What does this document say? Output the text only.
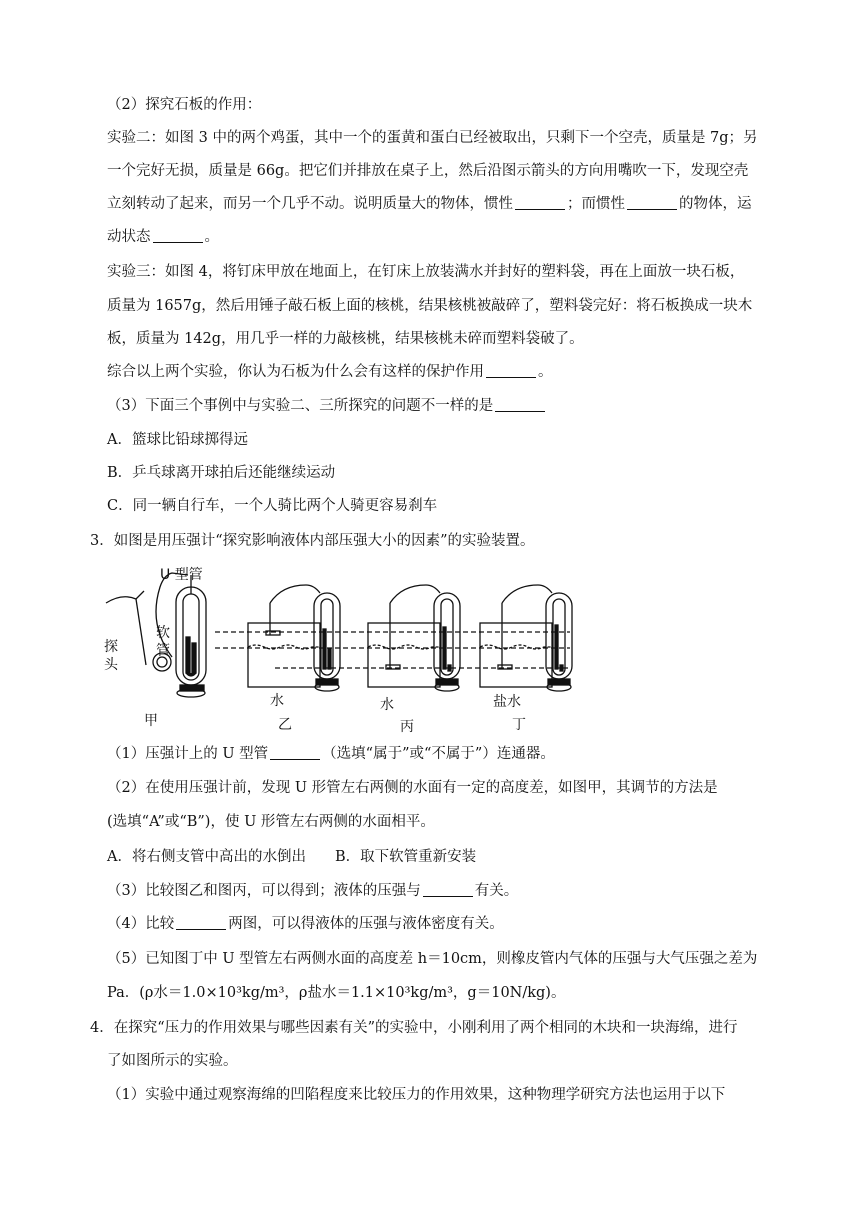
（2）探究石板的作用：
实验二：如图 3 中的两个鸡蛋，其中一个的蛋黄和蛋白已经被取出，只剩下一个空壳，质量是 7g；另
一个完好无损，质量是 66g。把它们并排放在桌子上，然后沿图示箭头的方向用嘴吹一下，发现空壳
立刻转动了起来，而另一个几乎不动。说明质量大的物体，惯性	；而惯性	的物体，运
动状态	。
实验三：如图 4，将钉床甲放在地面上，在钉床上放装满水并封好的塑料袋，再在上面放一块石板，
质量为 1657g，然后用锤子敲石板上面的核桃，结果核桃被敲碎了，塑料袋完好：将石板换成一块木
板，质量为 142g，用几乎一样的力敲核桃，结果核桃未碎而塑料袋破了。
综合以上两个实验，你认为石板为什么会有这样的保护作用	。
（3）下面三个事例中与实验二、三所探究的问题不一样的是
A．篮球比铅球掷得远
B．乒乓球离开球拍后还能继续运动
C．同一辆自行车，一个人骑比两个人骑更容易刹车
3．如图是用压强计“探究影响液体内部压强大小的因素”的实验装置。
U 型管
软管
探头
甲
水
乙
水
丙
盐水
丁
（1）压强计上的 U 型管	（选填“属于”或“不属于”）连通器。
（2）在使用压强计前，发现 U 形管左右两侧的水面有一定的高度差，如图甲，其调节的方法是
(选填“A”或“B”)，使 U 形管左右两侧的水面相平。
A．将右侧支管中高出的水倒出　　B．取下软管重新安装
（3）比较图乙和图丙，可以得到；液体的压强与	有关。
（4）比较	两图，可以得液体的压强与液体密度有关。
（5）已知图丁中 U 型管左右两侧水面的高度差 h＝10cm，则橡皮管内气体的压强与大气压强之差为
Pa．(ρ水＝1.0×10³kg/m³，ρ盐水＝1.1×10³kg/m³，g＝10N/kg)。
4．在探究“压力的作用效果与哪些因素有关”的实验中，小刚利用了两个相同的木块和一块海绵，进行
了如图所示的实验。
（1）实验中通过观察海绵的凹陷程度来比较压力的作用效果，这种物理学研究方法也运用于以下
